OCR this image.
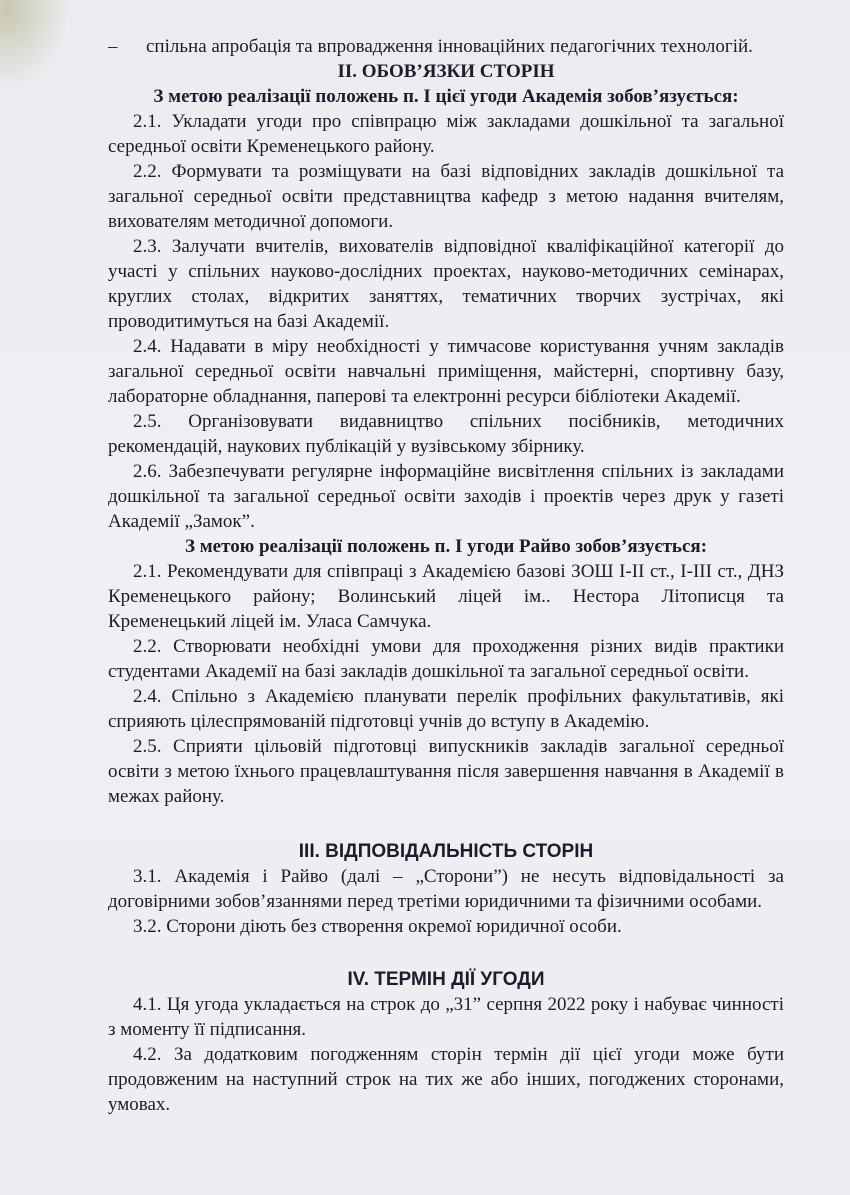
–	спільна апробація та впровадження інноваційних педагогічних технологій.
II. ОБОВ’ЯЗКИ СТОРІН

З метою реалізації положень п. І цієї угоди Академія зобов’язується:

2.1. Укладати угоди про співпрацю між закладами дошкільної та загальної середньої освіти Кременецького району.

2.2. Формувати та розміщувати на базі відповідних закладів дошкільної та загальної середньої освіти представництва кафедр з метою надання вчителям, вихователям методичної допомоги.

2.3. Залучати вчителів, вихователів відповідної кваліфікаційної категорії до участі у спільних науково-дослідних проектах, науково-методичних семінарах, круглих столах, відкритих заняттях, тематичних творчих зустрічах, які проводитимуться на базі Академії.

2.4. Надавати в міру необхідності у тимчасове користування учням закладів загальної середньої освіти навчальні приміщення, майстерні, спортивну базу, лабораторне обладнання, паперові та електронні ресурси бібліотеки Академії.

2.5. Організовувати видавництво спільних посібників, методичних рекомендацій, наукових публікацій у вузівському збірнику.

2.6. Забезпечувати регулярне інформаційне висвітлення спільних із закладами дошкільної та загальної середньої освіти заходів і проектів через друк у газеті Академії „Замок”.

З метою реалізації положень п. І угоди Райво зобов’язується:

2.1. Рекомендувати для співпраці з Академією базові ЗОШ І-ІІ ст., І-ІІІ ст., ДНЗ Кременецького району; Волинський ліцей ім.. Нестора Літописця та Кременецький ліцей ім. Уласа Самчука.

2.2. Створювати необхідні умови для проходження різних видів практики студентами Академії на базі закладів дошкільної та загальної середньої освіти.

2.4. Спільно з Академією планувати перелік профільних факультативів, які сприяють цілеспрямованій підготовці учнів до вступу в Академію.

2.5. Сприяти цільовій підготовці випускників закладів загальної середньої освіти з метою їхнього працевлаштування після завершення навчання в Академії в межах району.

III. ВІДПОВІДАЛЬНІСТЬ СТОРІН

3.1. Академія і Райво (далі – „Сторони”) не несуть відповідальності за договірними зобов’язаннями перед третіми юридичними та фізичними особами.

3.2. Сторони діють без створення окремої юридичної особи.

IV. ТЕРМІН ДІЇ УГОДИ

4.1. Ця угода укладається на строк до „31” серпня 2022 року і набуває чинності з моменту її підписання.

4.2. За додатковим погодженням сторін термін дії цієї угоди може бути продовженим на наступний строк на тих же або інших, погоджених сторонами, умовах.
